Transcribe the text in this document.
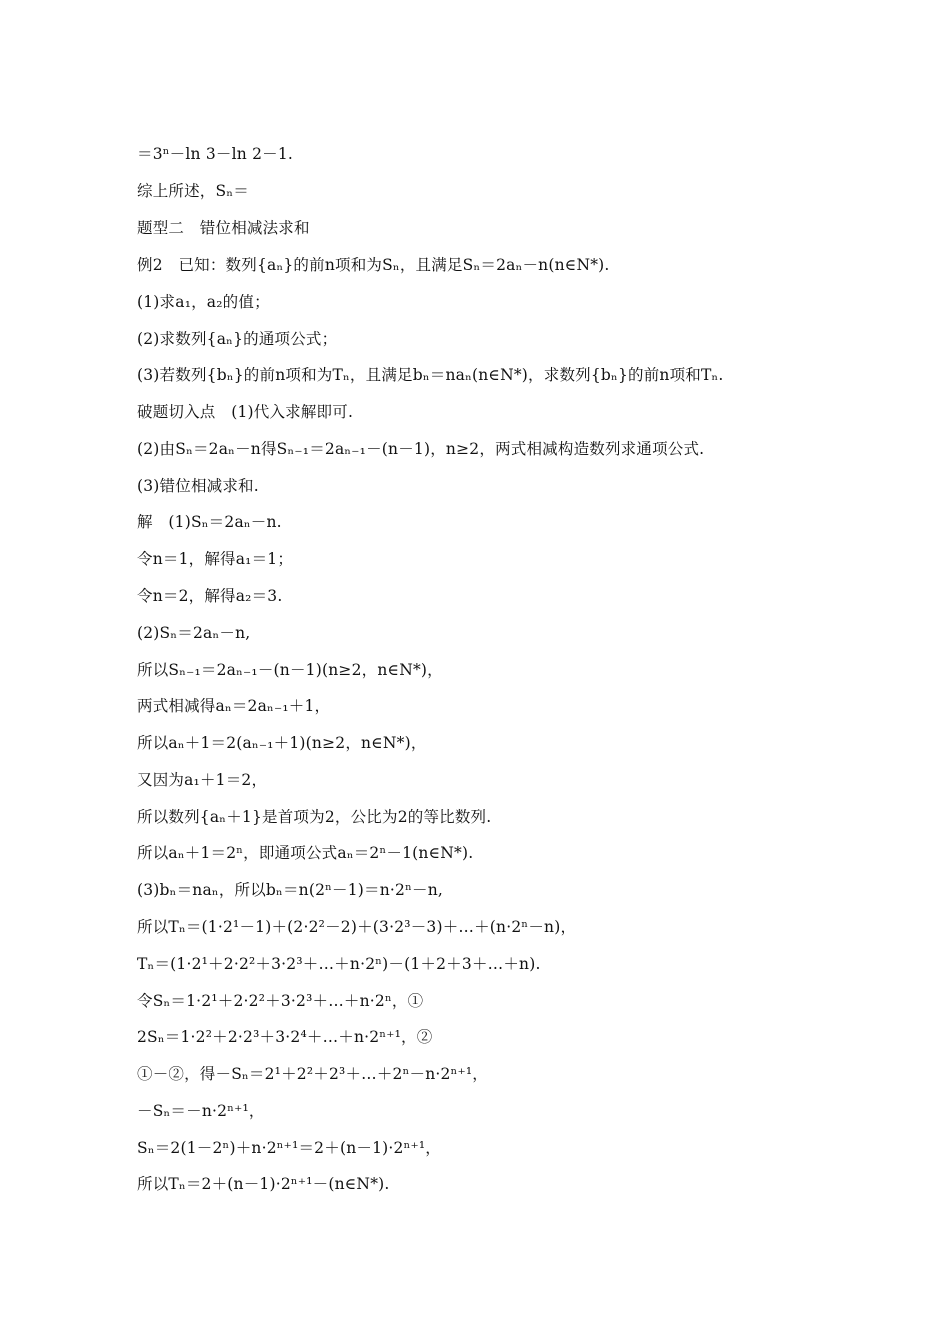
＝3ⁿ－ln 3－ln 2－1.
综上所述，Sₙ＝
题型二　错位相减法求和
例2　已知：数列{aₙ}的前n项和为Sₙ，且满足Sₙ＝2aₙ－n(n∈N*).
(1)求a₁，a₂的值；
(2)求数列{aₙ}的通项公式；
(3)若数列{bₙ}的前n项和为Tₙ，且满足bₙ＝naₙ(n∈N*)，求数列{bₙ}的前n项和Tₙ.
破题切入点　(1)代入求解即可.
(2)由Sₙ＝2aₙ－n得Sₙ₋₁＝2aₙ₋₁－(n－1)，n≥2，两式相减构造数列求通项公式.
(3)错位相减求和.
解　(1)Sₙ＝2aₙ－n.
令n＝1，解得a₁＝1；
令n＝2，解得a₂＝3.
(2)Sₙ＝2aₙ－n,
所以Sₙ₋₁＝2aₙ₋₁－(n－1)(n≥2，n∈N*)，
两式相减得aₙ＝2aₙ₋₁＋1，
所以aₙ＋1＝2(aₙ₋₁＋1)(n≥2，n∈N*)，
又因为a₁＋1＝2，
所以数列{aₙ＋1}是首项为2，公比为2的等比数列.
所以aₙ＋1＝2ⁿ，即通项公式aₙ＝2ⁿ－1(n∈N*).
(3)bₙ＝naₙ，所以bₙ＝n(2ⁿ－1)＝n·2ⁿ－n,
所以Tₙ＝(1·2¹－1)＋(2·2²－2)＋(3·2³－3)＋…＋(n·2ⁿ－n)，
Tₙ＝(1·2¹＋2·2²＋3·2³＋…＋n·2ⁿ)－(1＋2＋3＋…＋n).
令Sₙ＝1·2¹＋2·2²＋3·2³＋…＋n·2ⁿ，①
2Sₙ＝1·2²＋2·2³＋3·2⁴＋…＋n·2ⁿ⁺¹，②
①－②，得－Sₙ＝2¹＋2²＋2³＋…＋2ⁿ－n·2ⁿ⁺¹，
－Sₙ＝－n·2ⁿ⁺¹，
Sₙ＝2(1－2ⁿ)＋n·2ⁿ⁺¹＝2＋(n－1)·2ⁿ⁺¹，
所以Tₙ＝2＋(n－1)·2ⁿ⁺¹－(n∈N*).
